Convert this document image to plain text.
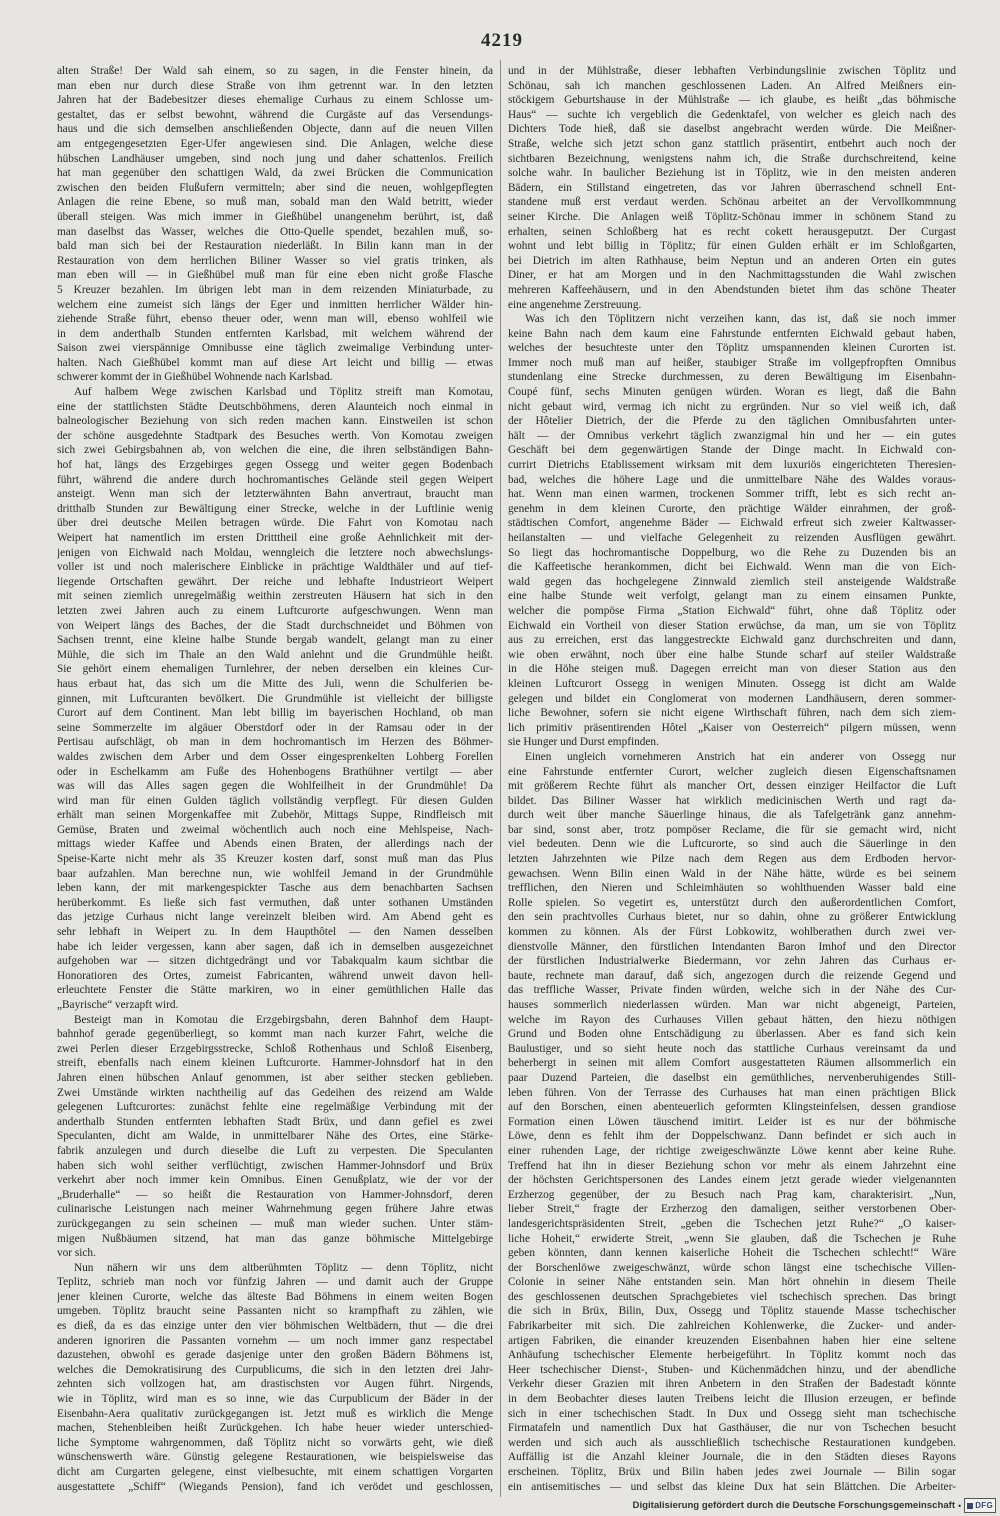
4219
alten Straße! Der Wald sah einem, so zu sagen, in die Fenster hinein, da
man eben nur durch diese Straße von ihm getrennt war. In den letzten
Jahren hat der Badebesitzer dieses ehemalige Curhaus zu einem Schlosse um-
gestaltet, das er selbst bewohnt, während die Curgäste auf das Versendungs-
haus und die sich demselben anschließenden Objecte, dann auf die neuen Villen
am entgegengesetzten Eger-Ufer angewiesen sind. Die Anlagen, welche diese
hübschen Landhäuser umgeben, sind noch jung und daher schattenlos. Freilich
hat man gegenüber den schattigen Wald, da zwei Brücken die Communication
zwischen den beiden Flußufern vermitteln; aber sind die neuen, wohlgepflegten
Anlagen die reine Ebene, so muß man, sobald man den Wald betritt, wieder
überall steigen. Was mich immer in Gießhübel unangenehm berührt, ist, daß
man daselbst das Wasser, welches die Otto-Quelle spendet, bezahlen muß, so-
bald man sich bei der Restauration niederläßt. In Bilin kann man in der
Restauration von dem herrlichen Biliner Wasser so viel gratis trinken, als
man eben will — in Gießhübel muß man für eine eben nicht große Flasche
5 Kreuzer bezahlen. Im übrigen lebt man in dem reizenden Miniaturbade, zu
welchem eine zumeist sich längs der Eger und inmitten herrlicher Wälder hin-
ziehende Straße führt, ebenso theuer oder, wenn man will, ebenso wohlfeil wie
in dem anderthalb Stunden entfernten Karlsbad, mit welchem während der
Saison zwei vierspännige Omnibusse eine täglich zweimalige Verbindung unter-
halten. Nach Gießhübel kommt man auf diese Art leicht und billig — etwas
schwerer kommt der in Gießhübel Wohnende nach Karlsbad.
Auf halbem Wege zwischen Karlsbad und Töplitz streift man Komotau,
eine der stattlichsten Städte Deutschböhmens, deren Alaunteich noch einmal in
balneologischer Beziehung von sich reden machen kann. Einstweilen ist schon
der schöne ausgedehnte Stadtpark des Besuches werth. Von Komotau zweigen
sich zwei Gebirgsbahnen ab, von welchen die eine, die ihren selbständigen Bahn-
hof hat, längs des Erzgebirges gegen Ossegg und weiter gegen Bodenbach
führt, während die andere durch hochromantisches Gelände steil gegen Weipert
ansteigt. Wenn man sich der letzterwähnten Bahn anvertraut, braucht man
dritthalb Stunden zur Bewältigung einer Strecke, welche in der Luftlinie wenig
über drei deutsche Meilen betragen würde. Die Fahrt von Komotau nach
Weipert hat namentlich im ersten Dritttheil eine große Aehnlichkeit mit der-
jenigen von Eichwald nach Moldau, wenngleich die letztere noch abwechslungs-
voller ist und noch malerischere Einblicke in prächtige Waldthäler und auf tief-
liegende Ortschaften gewährt. Der reiche und lebhafte Industrieort Weipert
mit seinen ziemlich unregelmäßig weithin zerstreuten Häusern hat sich in den
letzten zwei Jahren auch zu einem Luftcurorte aufgeschwungen. Wenn man
von Weipert längs des Baches, der die Stadt durchschneidet und Böhmen von
Sachsen trennt, eine kleine halbe Stunde bergab wandelt, gelangt man zu einer
Mühle, die sich im Thale an den Wald anlehnt und die Grundmühle heißt.
Sie gehört einem ehemaligen Turnlehrer, der neben derselben ein kleines Cur-
haus erbaut hat, das sich um die Mitte des Juli, wenn die Schulferien be-
ginnen, mit Luftcuranten bevölkert. Die Grundmühle ist vielleicht der billigste
Curort auf dem Continent. Man lebt billig im bayerischen Hochland, ob man
seine Sommerzelte im algäuer Oberstdorf oder in der Ramsau oder in der
Pertisau aufschlägt, ob man in dem hochromantisch im Herzen des Böhmer-
waldes zwischen dem Arber und dem Osser eingesprenkelten Lohberg Forellen
oder in Eschelkamm am Fuße des Hohenbogens Brathühner vertilgt — aber
was will das Alles sagen gegen die Wohlfeilheit in der Grundmühle! Da
wird man für einen Gulden täglich vollständig verpflegt. Für diesen Gulden
erhält man seinen Morgenkaffee mit Zubehör, Mittags Suppe, Rindfleisch mit
Gemüse, Braten und zweimal wöchentlich auch noch eine Mehlspeise, Nach-
mittags wieder Kaffee und Abends einen Braten, der allerdings nach der
Speise-Karte nicht mehr als 35 Kreuzer kosten darf, sonst muß man das Plus
baar aufzahlen. Man berechne nun, wie wohlfeil Jemand in der Grundmühle
leben kann, der mit markengespickter Tasche aus dem benachbarten Sachsen
herüberkommt. Es ließe sich fast vermuthen, daß unter sothanen Umständen
das jetzige Curhaus nicht lange vereinzelt bleiben wird. Am Abend geht es
sehr lebhaft in Weipert zu. In dem Haupthôtel — den Namen desselben
habe ich leider vergessen, kann aber sagen, daß ich in demselben ausgezeichnet
aufgehoben war — sitzen dichtgedrängt und vor Tabakqualm kaum sichtbar die
Honoratioren des Ortes, zumeist Fabricanten, während unweit davon hell-
erleuchtete Fenster die Stätte markiren, wo in einer gemüthlichen Halle das
„Bayrische“ verzapft wird.
Besteigt man in Komotau die Erzgebirgsbahn, deren Bahnhof dem Haupt-
bahnhof gerade gegenüberliegt, so kommt man nach kurzer Fahrt, welche die
zwei Perlen dieser Erzgebirgsstrecke, Schloß Rothenhaus und Schloß Eisenberg,
streift, ebenfalls nach einem kleinen Luftcurorte. Hammer-Johnsdorf hat in den
Jahren einen hübschen Anlauf genommen, ist aber seither stecken geblieben.
Zwei Umstände wirkten nachtheilig auf das Gedeihen des reizend am Walde
gelegenen Luftcurortes: zunächst fehlte eine regelmäßige Verbindung mit der
anderthalb Stunden entfernten lebhaften Stadt Brüx, und dann gefiel es zwei
Speculanten, dicht am Walde, in unmittelbarer Nähe des Ortes, eine Stärke-
fabrik anzulegen und durch dieselbe die Luft zu verpesten. Die Speculanten
haben sich wohl seither verflüchtigt, zwischen Hammer-Johnsdorf und Brüx
verkehrt aber noch immer kein Omnibus. Einen Genußplatz, wie der vor der
„Bruderhalle“ — so heißt die Restauration von Hammer-Johnsdorf, deren
culinarische Leistungen nach meiner Wahrnehmung gegen frühere Jahre etwas
zurückgegangen zu sein scheinen — muß man wieder suchen. Unter stäm-
migen Nußbäumen sitzend, hat man das ganze böhmische Mittelgebirge
vor sich.
Nun nähern wir uns dem altberühmten Töplitz — denn Töplitz, nicht
Teplitz, schrieb man noch vor fünfzig Jahren — und damit auch der Gruppe
jener kleinen Curorte, welche das älteste Bad Böhmens in einem weiten Bogen
umgeben. Töplitz braucht seine Passanten nicht so krampfhaft zu zählen, wie
es dieß, da es das einzige unter den vier böhmischen Weltbädern, thut — die drei
anderen ignoriren die Passanten vornehm — um noch immer ganz respectabel
dazustehen, obwohl es gerade dasjenige unter den großen Bädern Böhmens ist,
welches die Demokratisirung des Curpublicums, die sich in den letzten drei Jahr-
zehnten sich vollzogen hat, am drastischsten vor Augen führt. Nirgends,
wie in Töplitz, wird man es so inne, wie das Curpublicum der Bäder in der
Eisenbahn-Aera qualitativ zurückgegangen ist. Jetzt muß es wirklich die Menge
machen, Stehenbleiben heißt Zurückgehen. Ich habe heuer wieder unterschied-
liche Symptome wahrgenommen, daß Töplitz nicht so vorwärts geht, wie dieß
wünschenswerth wäre. Günstig gelegene Restaurationen, wie beispielsweise das
dicht am Curgarten gelegene, einst vielbesuchte, mit einem schattigen Vorgarten
ausgestattete „Schiff“ (Wiegands Pension), fand ich verödet und geschlossen,
und in der Mühlstraße, dieser lebhaften Verbindungslinie zwischen Töplitz und
Schönau, sah ich manchen geschlossenen Laden. An Alfred Meißners ein-
stöckigem Geburtshause in der Mühlstraße — ich glaube, es heißt „das böhmische
Haus“ — suchte ich vergeblich die Gedenktafel, von welcher es gleich nach des
Dichters Tode hieß, daß sie daselbst angebracht werden würde. Die Meißner-
Straße, welche sich jetzt schon ganz stattlich präsentirt, entbehrt auch noch der
sichtbaren Bezeichnung, wenigstens nahm ich, die Straße durchschreitend, keine
solche wahr. In baulicher Beziehung ist in Töplitz, wie in den meisten anderen
Bädern, ein Stillstand eingetreten, das vor Jahren überraschend schnell Ent-
standene muß erst verdaut werden. Schönau arbeitet an der Vervollkommnung
seiner Kirche. Die Anlagen weiß Töplitz-Schönau immer in schönem Stand zu
erhalten, seinen Schloßberg hat es recht cokett herausgeputzt. Der Curgast
wohnt und lebt billig in Töplitz; für einen Gulden erhält er im Schloßgarten,
bei Dietrich im alten Rathhause, beim Neptun und an anderen Orten ein gutes
Diner, er hat am Morgen und in den Nachmittagsstunden die Wahl zwischen
mehreren Kaffeehäusern, und in den Abendstunden bietet ihm das schöne Theater
eine angenehme Zerstreuung.
Was ich den Töplitzern nicht verzeihen kann, das ist, daß sie noch immer
keine Bahn nach dem kaum eine Fahrstunde entfernten Eichwald gebaut haben,
welches der besuchteste unter den Töplitz umspannenden kleinen Curorten ist.
Immer noch muß man auf heißer, staubiger Straße im vollgepfropften Omnibus
stundenlang eine Strecke durchmessen, zu deren Bewältigung im Eisenbahn-
Coupé fünf, sechs Minuten genügen würden. Woran es liegt, daß die Bahn
nicht gebaut wird, vermag ich nicht zu ergründen. Nur so viel weiß ich, daß
der Hôtelier Dietrich, der die Pferde zu den täglichen Omnibusfahrten unter-
hält — der Omnibus verkehrt täglich zwanzigmal hin und her — ein gutes
Geschäft bei dem gegenwärtigen Stande der Dinge macht. In Eichwald con-
currirt Dietrichs Etablissement wirksam mit dem luxuriös eingerichteten Theresien-
bad, welches die höhere Lage und die unmittelbare Nähe des Waldes voraus-
hat. Wenn man einen warmen, trockenen Sommer trifft, lebt es sich recht an-
genehm in dem kleinen Curorte, den prächtige Wälder einrahmen, der groß-
städtischen Comfort, angenehme Bäder — Eichwald erfreut sich zweier Kaltwasser-
heilanstalten — und vielfache Gelegenheit zu reizenden Ausflügen gewährt.
So liegt das hochromantische Doppelburg, wo die Rehe zu Duzenden bis an
die Kaffeetische herankommen, dicht bei Eichwald. Wenn man die von Eich-
wald gegen das hochgelegene Zinnwald ziemlich steil ansteigende Waldstraße
eine halbe Stunde weit verfolgt, gelangt man zu einem einsamen Punkte,
welcher die pompöse Firma „Station Eichwald“ führt, ohne daß Töplitz oder
Eichwald ein Vortheil von dieser Station erwüchse, da man, um sie von Töplitz
aus zu erreichen, erst das langgestreckte Eichwald ganz durchschreiten und dann,
wie oben erwähnt, noch über eine halbe Stunde scharf auf steiler Waldstraße
in die Höhe steigen muß. Dagegen erreicht man von dieser Station aus den
kleinen Luftcurort Ossegg in wenigen Minuten. Ossegg ist dicht am Walde
gelegen und bildet ein Conglomerat von modernen Landhäusern, deren sommer-
liche Bewohner, sofern sie nicht eigene Wirthschaft führen, nach dem sich ziem-
lich primitiv präsentirenden Hôtel „Kaiser von Oesterreich“ pilgern müssen, wenn
sie Hunger und Durst empfinden.
Einen ungleich vornehmeren Anstrich hat ein anderer von Ossegg nur
eine Fahrstunde entfernter Curort, welcher zugleich diesen Eigenschaftsnamen
mit größerem Rechte führt als mancher Ort, dessen einziger Heilfactor die Luft
bildet. Das Biliner Wasser hat wirklich medicinischen Werth und ragt da-
durch weit über manche Säuerlinge hinaus, die als Tafelgetränk ganz annehm-
bar sind, sonst aber, trotz pompöser Reclame, die für sie gemacht wird, nicht
viel bedeuten. Denn wie die Luftcurorte, so sind auch die Säuerlinge in den
letzten Jahrzehnten wie Pilze nach dem Regen aus dem Erdboden hervor-
gewachsen. Wenn Bilin einen Wald in der Nähe hätte, würde es bei seinem
trefflichen, den Nieren und Schleimhäuten so wohlthuenden Wasser bald eine
Rolle spielen. So vegetirt es, unterstützt durch den außerordentlichen Comfort,
den sein prachtvolles Curhaus bietet, nur so dahin, ohne zu größerer Entwicklung
kommen zu können. Als der Fürst Lobkowitz, wohlberathen durch zwei ver-
dienstvolle Männer, den fürstlichen Intendanten Baron Imhof und den Director
der fürstlichen Industrialwerke Biedermann, vor zehn Jahren das Curhaus er-
baute, rechnete man darauf, daß sich, angezogen durch die reizende Gegend und
das treffliche Wasser, Private finden würden, welche sich in der Nähe des Cur-
hauses sommerlich niederlassen würden. Man war nicht abgeneigt, Parteien,
welche im Rayon des Curhauses Villen gebaut hätten, den hiezu nöthigen
Grund und Boden ohne Entschädigung zu überlassen. Aber es fand sich kein
Baulustiger, und so sieht heute noch das stattliche Curhaus vereinsamt da und
beherbergt in seinen mit allem Comfort ausgestatteten Räumen allsommerlich ein
paar Duzend Parteien, die daselbst ein gemüthliches, nervenberuhigendes Still-
leben führen. Von der Terrasse des Curhauses hat man einen prächtigen Blick
auf den Borschen, einen abenteuerlich geformten Klingsteinfelsen, dessen grandiose
Formation einen Löwen täuschend imitirt. Leider ist es nur der böhmische
Löwe, denn es fehlt ihm der Doppelschwanz. Dann befindet er sich auch in
einer ruhenden Lage, der richtige zweigeschwänzte Löwe kennt aber keine Ruhe.
Treffend hat ihn in dieser Beziehung schon vor mehr als einem Jahrzehnt eine
der höchsten Gerichtspersonen des Landes einem jetzt gerade wieder vielgenannten
Erzherzog gegenüber, der zu Besuch nach Prag kam, charakterisirt. „Nun,
lieber Streit,“ fragte der Erzherzog den damaligen, seither verstorbenen Ober-
landesgerichtspräsidenten Streit, „geben die Tschechen jetzt Ruhe?“ „O kaiser-
liche Hoheit,“ erwiderte Streit, „wenn Sie glauben, daß die Tschechen je Ruhe
geben könnten, dann kennen kaiserliche Hoheit die Tschechen schlecht!“ Wäre
der Borschenlöwe zweigeschwänzt, würde schon längst eine tschechische Villen-
Colonie in seiner Nähe entstanden sein. Man hört ohnehin in diesem Theile
des geschlossenen deutschen Sprachgebietes viel tschechisch sprechen. Das bringt
die sich in Brüx, Bilin, Dux, Ossegg und Töplitz stauende Masse tschechischer
Fabrikarbeiter mit sich. Die zahlreichen Kohlenwerke, die Zucker- und ander-
artigen Fabriken, die einander kreuzenden Eisenbahnen haben hier eine seltene
Anhäufung tschechischer Elemente herbeigeführt. In Töplitz kommt noch das
Heer tschechischer Dienst-, Stuben- und Küchenmädchen hinzu, und der abendliche
Verkehr dieser Grazien mit ihren Anbetern in den Straßen der Badestadt könnte
in dem Beobachter dieses lauten Treibens leicht die Illusion erzeugen, er befinde
sich in einer tschechischen Stadt. In Dux und Ossegg sieht man tschechische
Firmatafeln und namentlich Dux hat Gasthäuser, die nur von Tschechen besucht
werden und sich auch als ausschließlich tschechische Restaurationen kundgeben.
Auffällig ist die Anzahl kleiner Journale, die in den Städten dieses Rayons
erscheinen. Töplitz, Brüx und Bilin haben jedes zwei Journale — Bilin sogar
ein antisemitisches — und selbst das kleine Dux hat sein Blättchen. Die Arbeiter-
Digitalisierung gefördert durch die Deutsche Forschungsgemeinschaft • DFG
